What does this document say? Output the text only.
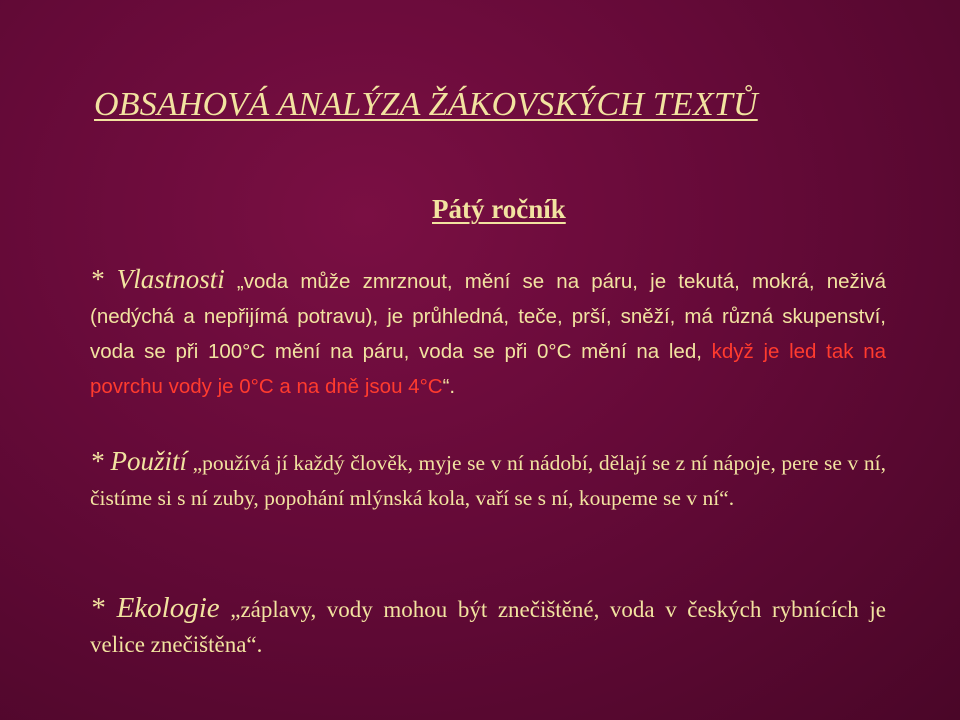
OBSAHOVÁ ANALÝZA ŽÁKOVSKÝCH TEXTŮ
Pátý ročník
* Vlastnosti „voda může zmrznout, mění se na páru, je tekutá, mokrá, neživá (nedýchá a nepřijímá potravu), je průhledná, teče, prší, sněží, má různá skupenství, voda se při 100°C mění na páru, voda se při 0°C mění na led, když je led tak na povrchu vody je 0°C a na dně jsou 4°C“.
* Použití „používá jí každý člověk, myje se v ní nádobí, dělají se z ní nápoje, pere se v ní, čistíme si s ní zuby, popohání mlýnská kola, vaří se s ní, koupeme se v ní“.
* Ekologie „záplavy, vody mohou být znečištěné, voda v českých rybnících je velice znečištěna“.
